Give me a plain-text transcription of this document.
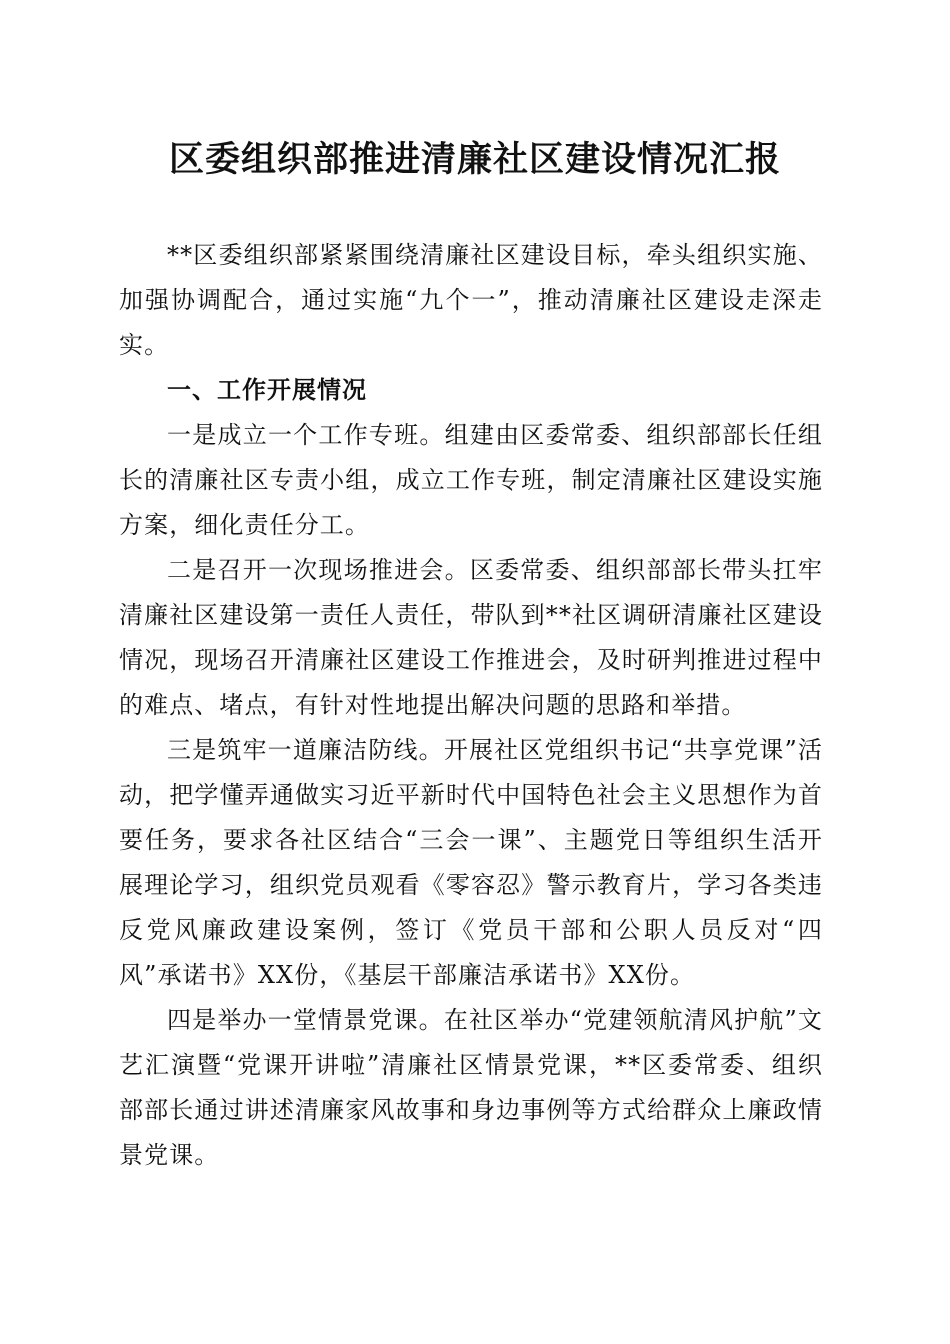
区委组织部推进清廉社区建设情况汇报

**区委组织部紧紧围绕清廉社区建设目标，牵头组织实施、加强协调配合，通过实施“九个一”，推动清廉社区建设走深走实。

一、工作开展情况

一是成立一个工作专班。组建由区委常委、组织部部长任组长的清廉社区专责小组，成立工作专班，制定清廉社区建设实施方案，细化责任分工。

二是召开一次现场推进会。区委常委、组织部部长带头扛牢清廉社区建设第一责任人责任，带队到**社区调研清廉社区建设情况，现场召开清廉社区建设工作推进会，及时研判推进过程中的难点、堵点，有针对性地提出解决问题的思路和举措。

三是筑牢一道廉洁防线。开展社区党组织书记“共享党课”活动，把学懂弄通做实习近平新时代中国特色社会主义思想作为首要任务，要求各社区结合“三会一课”、主题党日等组织生活开展理论学习，组织党员观看《零容忍》警示教育片，学习各类违反党风廉政建设案例，签订《党员干部和公职人员反对“四风”承诺书》XX份，《基层干部廉洁承诺书》XX份。

四是举办一堂情景党课。在社区举办“党建领航清风护航”文艺汇演暨“党课开讲啦”清廉社区情景党课，**区委常委、组织部部长通过讲述清廉家风故事和身边事例等方式给群众上廉政情景党课。
